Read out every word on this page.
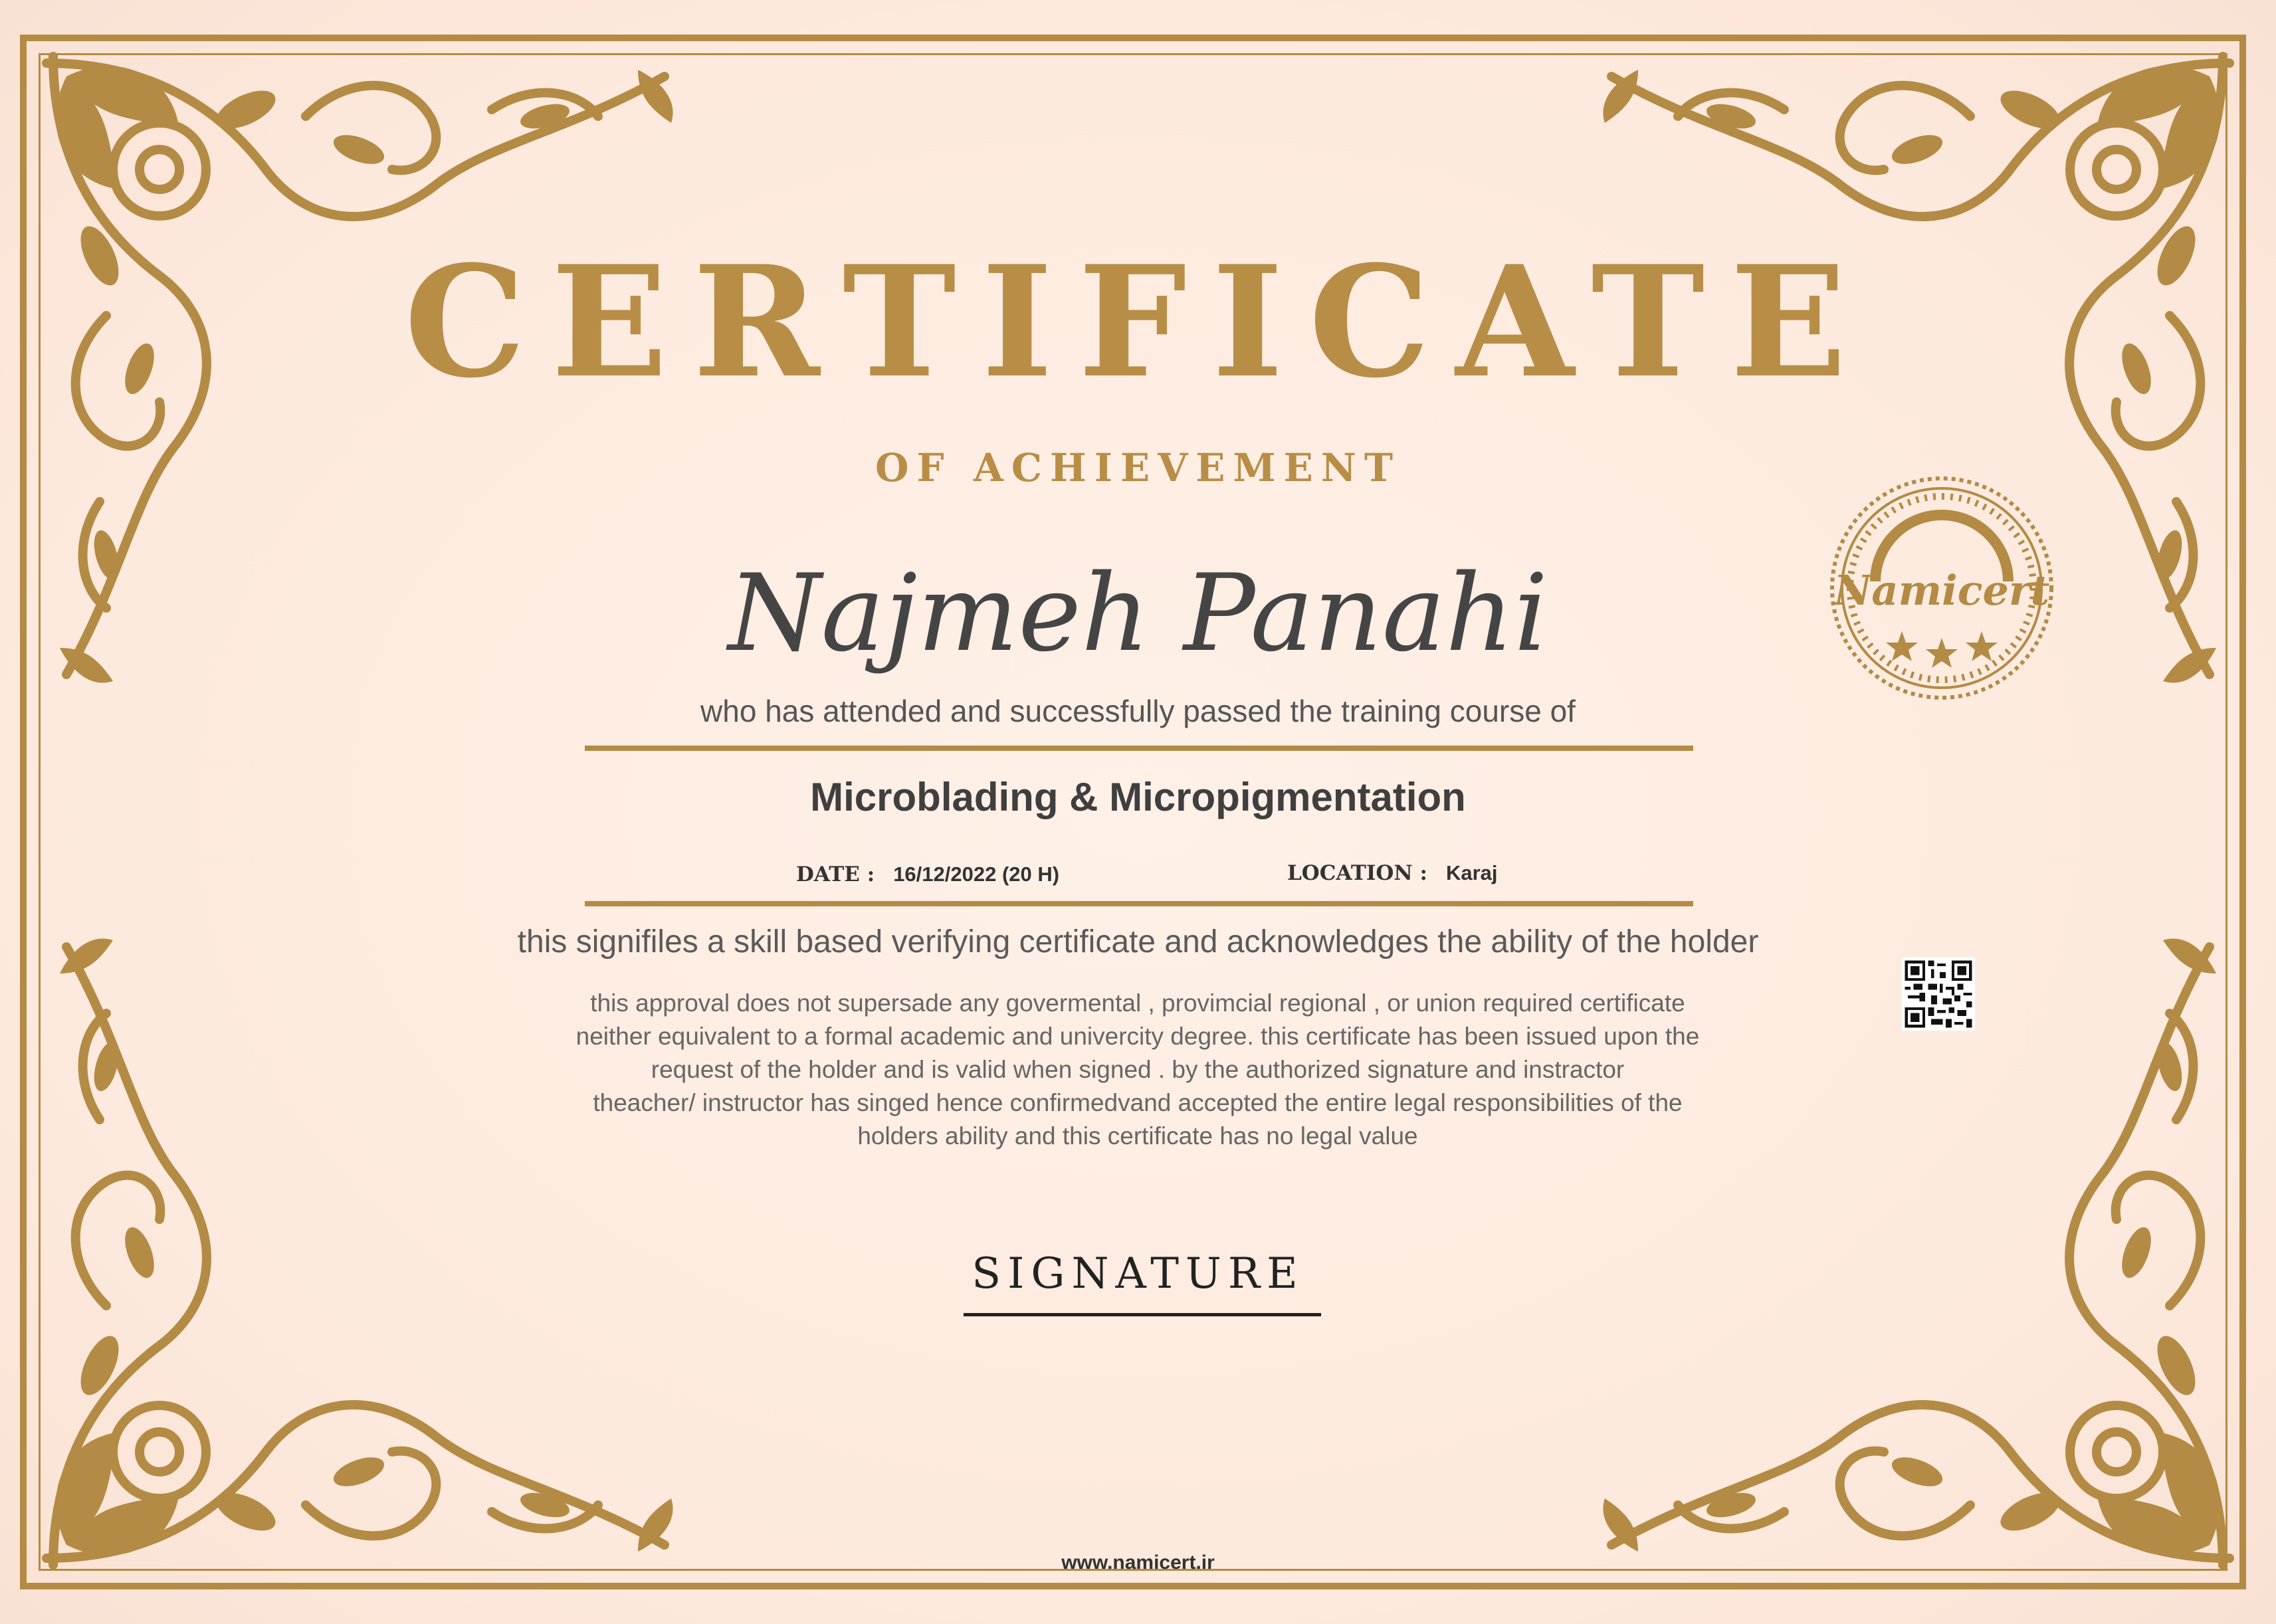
CERTIFICATE
OF ACHIEVEMENT
Najmeh Panahi
who has attended and successfully passed the training course of
Microblading & Micropigmentation
DATE : 16/12/2022 (20 H)	LOCATION : Karaj
this signifiles a skill based verifying certificate and acknowledges the ability of the holder
this approval does not supersade any govermental , provimcial regional , or union required certificate
neither equivalent to a formal academic and univercity degree. this certificate has been issued upon the
request of the holder and is valid when signed . by the authorized signature and instractor
theacher/ instructor has singed hence confirmedvand accepted the entire legal responsibilities of the
holders ability and this certificate has no legal value
SIGNATURE
www.namicert.ir
Namicert
